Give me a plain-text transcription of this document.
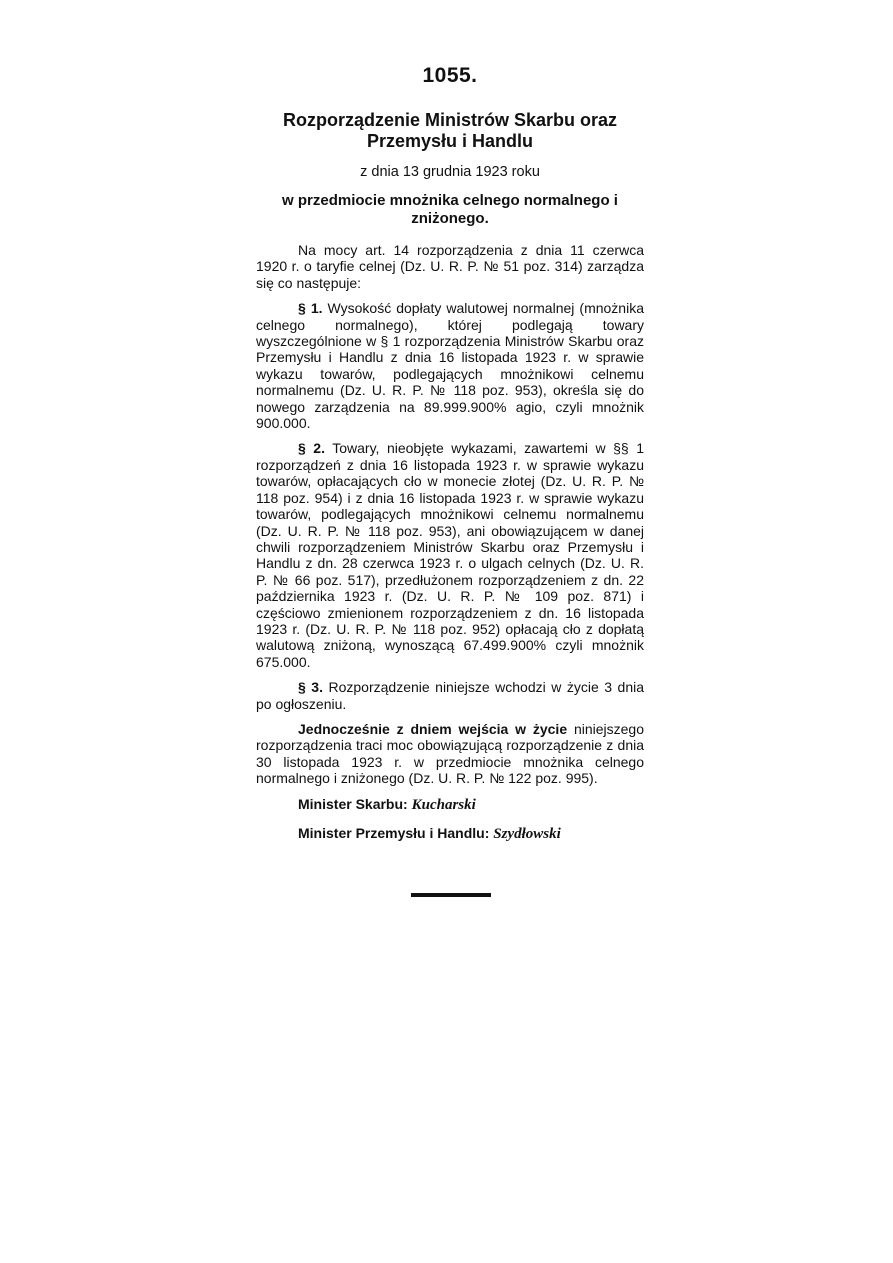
1055.
Rozporządzenie Ministrów Skarbu oraz Przemysłu i Handlu
z dnia 13 grudnia 1923 roku
w przedmiocie mnożnika celnego normalnego i zniżonego.

Na mocy art. 14 rozporządzenia z dnia 11 czerwca 1920 r. o taryfie celnej (Dz. U. R. P. № 51 poz. 314) zarządza się co następuje:

§ 1. Wysokość dopłaty walutowej normalnej (mnożnika celnego normalnego), której podlegają towary wyszczególnione w § 1 rozporządzenia Ministrów Skarbu oraz Przemysłu i Handlu z dnia 16 listopada 1923 r. w sprawie wykazu towarów, podlegających mnożnikowi celnemu normalnemu (Dz. U. R. P. № 118 poz. 953), określa się do nowego zarządzenia na 89.999.900% agio, czyli mnożnik 900.000.

§ 2. Towary, nieobjęte wykazami, zawartemi w §§ 1 rozporządzeń z dnia 16 listopada 1923 r. w sprawie wykazu towarów, opłacających cło w monecie złotej (Dz. U. R. P. № 118 poz. 954) i z dnia 16 listopada 1923 r. w sprawie wykazu towarów, podlegających mnożnikowi celnemu normalnemu (Dz. U. R. P. № 118 poz. 953), ani obowiązującem w danej chwili rozporządzeniem Ministrów Skarbu oraz Przemysłu i Handlu z dn. 28 czerwca 1923 r. o ulgach celnych (Dz. U. R. P. № 66 poz. 517), przedłużonem rozporządzeniem z dn. 22 października 1923 r. (Dz. U. R. P. № 109 poz. 871) i częściowo zmienionem rozporządzeniem z dn. 16 listopada 1923 r. (Dz. U. R. P. № 118 poz. 952) opłacają cło z dopłatą walutową zniżoną, wynoszącą 67.499.900% czyli mnożnik 675.000.

§ 3. Rozporządzenie niniejsze wchodzi w życie 3 dnia po ogłoszeniu.

Jednocześnie z dniem wejścia w życie niniejszego rozporządzenia traci moc obowiązującą rozporządzenie z dnia 30 listopada 1923 r. w przedmiocie mnożnika celnego normalnego i zniżonego (Dz. U. R. P. № 122 poz. 995).

Minister Skarbu: Kucharski
Minister Przemysłu i Handlu: Szydłowski
